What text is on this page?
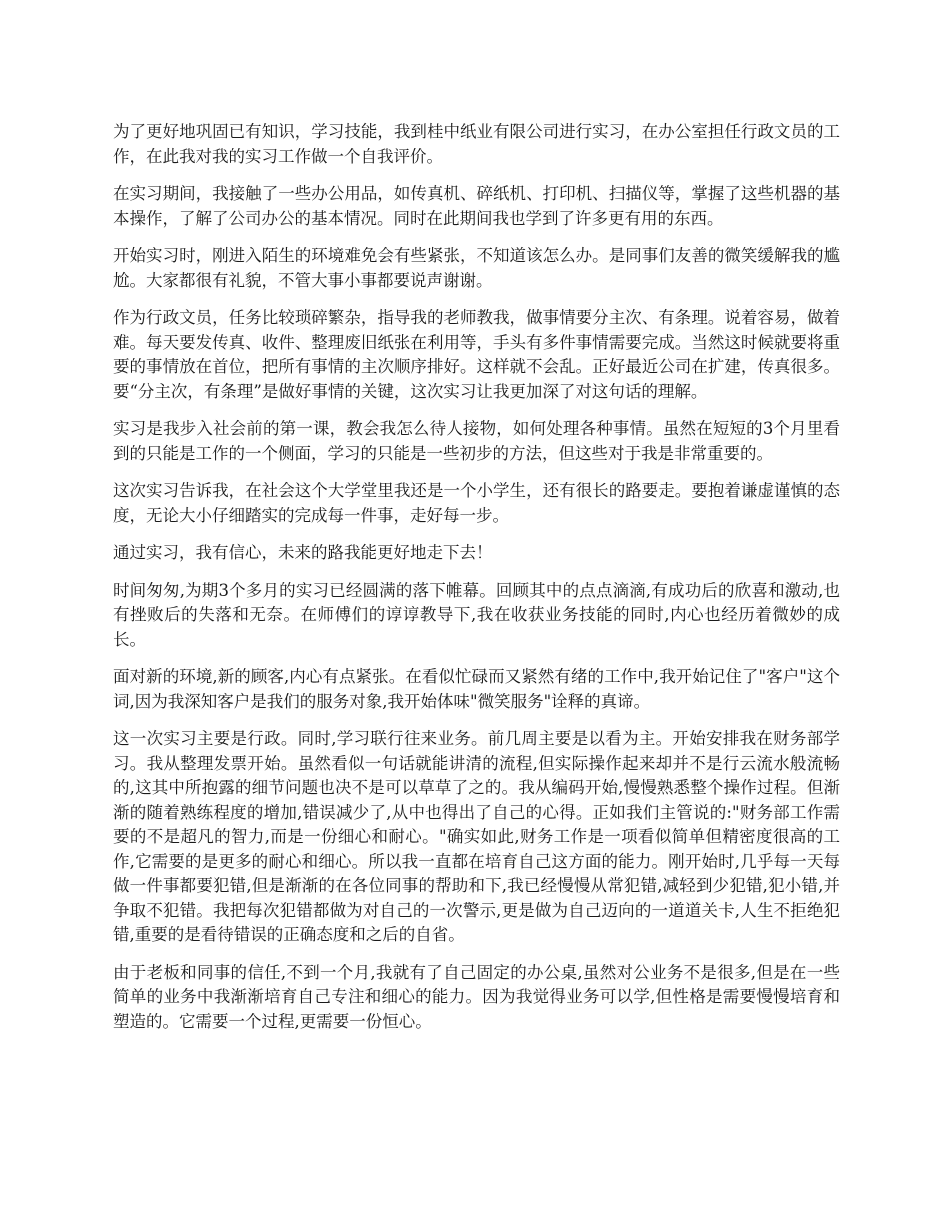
为了更好地巩固已有知识，学习技能，我到桂中纸业有限公司进行实习，在办公室担任行政文员的工作，在此我对我的实习工作做一个自我评价。

在实习期间，我接触了一些办公用品，如传真机、碎纸机、打印机、扫描仪等，掌握了这些机器的基本操作，了解了公司办公的基本情况。同时在此期间我也学到了许多更有用的东西。

开始实习时，刚进入陌生的环境难免会有些紧张，不知道该怎么办。是同事们友善的微笑缓解我的尴尬。大家都很有礼貌，不管大事小事都要说声谢谢。

作为行政文员，任务比较琐碎繁杂，指导我的老师教我，做事情要分主次、有条理。说着容易，做着难。每天要发传真、收件、整理废旧纸张在利用等，手头有多件事情需要完成。当然这时候就要将重要的事情放在首位，把所有事情的主次顺序排好。这样就不会乱。正好最近公司在扩建，传真很多。要“分主次，有条理”是做好事情的关键，这次实习让我更加深了对这句话的理解。

实习是我步入社会前的第一课，教会我怎么待人接物，如何处理各种事情。虽然在短短的3个月里看到的只能是工作的一个侧面，学习的只能是一些初步的方法，但这些对于我是非常重要的。

这次实习告诉我，在社会这个大学堂里我还是一个小学生，还有很长的路要走。要抱着谦虚谨慎的态度，无论大小仔细踏实的完成每一件事，走好每一步。

通过实习，我有信心，未来的路我能更好地走下去！

时间匆匆,为期3个多月的实习已经圆满的落下帷幕。回顾其中的点点滴滴,有成功后的欣喜和激动,也有挫败后的失落和无奈。在师傅们的谆谆教导下,我在收获业务技能的同时,内心也经历着微妙的成长。

面对新的环境,新的顾客,内心有点紧张。在看似忙碌而又紧然有绪的工作中,我开始记住了"客户"这个词,因为我深知客户是我们的服务对象,我开始体味"微笑服务"诠释的真谛。

这一次实习主要是行政。同时,学习联行往来业务。前几周主要是以看为主。开始安排我在财务部学习。我从整理发票开始。虽然看似一句话就能讲清的流程,但实际操作起来却并不是行云流水般流畅的,这其中所抱露的细节问题也决不是可以草草了之的。我从编码开始,慢慢熟悉整个操作过程。但渐渐的随着熟练程度的增加,错误减少了,从中也得出了自己的心得。正如我们主管说的:"财务部工作需要的不是超凡的智力,而是一份细心和耐心。"确实如此,财务工作是一项看似简单但精密度很高的工作,它需要的是更多的耐心和细心。所以我一直都在培育自己这方面的能力。刚开始时,几乎每一天每做一件事都要犯错,但是渐渐的在各位同事的帮助和下,我已经慢慢从常犯错,减轻到少犯错,犯小错,并争取不犯错。我把每次犯错都做为对自己的一次警示,更是做为自己迈向的一道道关卡,人生不拒绝犯错,重要的是看待错误的正确态度和之后的自省。

由于老板和同事的信任,不到一个月,我就有了自己固定的办公桌,虽然对公业务不是很多,但是在一些简单的业务中我渐渐培育自己专注和细心的能力。因为我觉得业务可以学,但性格是需要慢慢培育和塑造的。它需要一个过程,更需要一份恒心。
